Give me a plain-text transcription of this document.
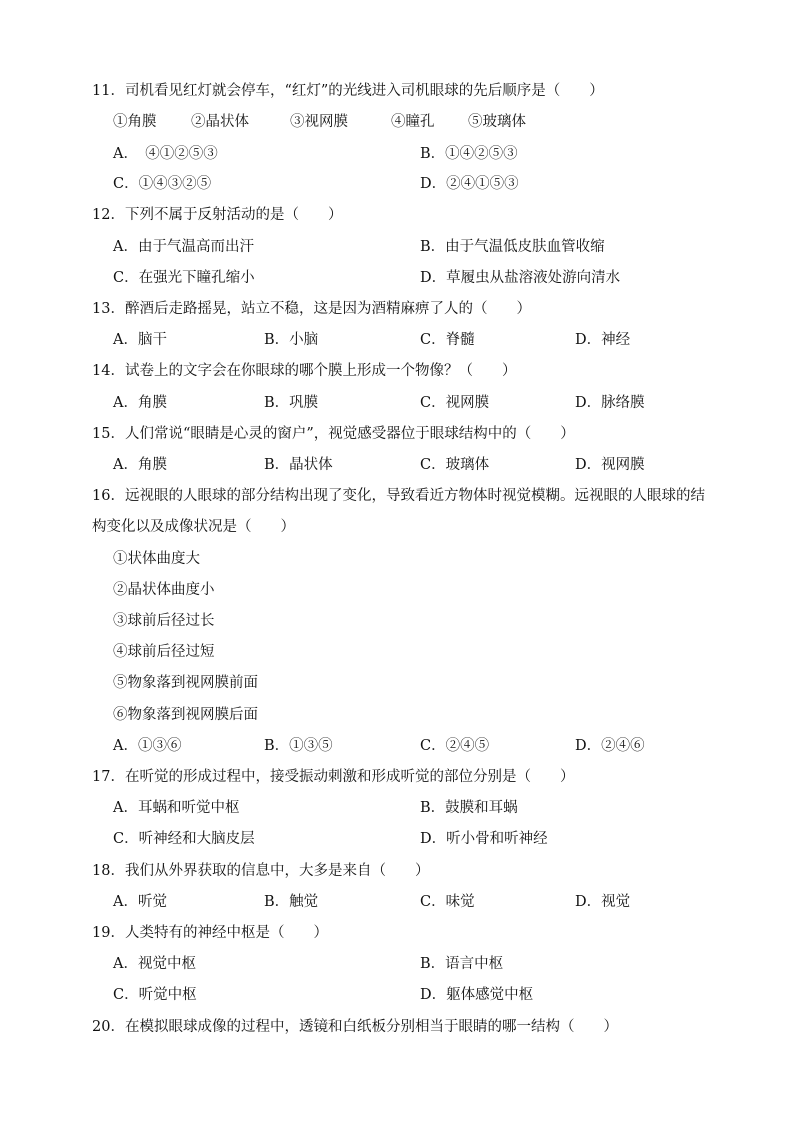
11．司机看见红灯就会停车，“红灯”的光线进入司机眼球的先后顺序是（　　）
①角膜 ②晶状体	③视网膜	④瞳孔 ⑤玻璃体
A．　④①②⑤③	B．①④②⑤③
C．①④③②⑤	D．②④①⑤③
12．下列不属于反射活动的是（　　）
A．由于气温高而出汗	B．由于气温低皮肤血管收缩
C．在强光下瞳孔缩小	D．草履虫从盐溶液处游向清水
13．醉酒后走路摇晃，站立不稳，这是因为酒精麻痹了人的（　　）
A．脑干	B．小脑	C．脊髓	D．神经
14．试卷上的文字会在你眼球的哪个膜上形成一个物像？（　　）
A．角膜	B．巩膜	C．视网膜	D．脉络膜
15．人们常说“眼睛是心灵的窗户”，视觉感受器位于眼球结构中的（　　）
A．角膜	B．晶状体	C．玻璃体	D．视网膜
16．远视眼的人眼球的部分结构出现了变化，导致看近方物体时视觉模糊。远视眼的人眼球的结
构变化以及成像状况是（　　）
①状体曲度大
②晶状体曲度小
③球前后径过长
④球前后径过短
⑤物象落到视网膜前面
⑥物象落到视网膜后面
A．①③⑥	B．①③⑤	C．②④⑤	D．②④⑥
17．在听觉的形成过程中，接受振动刺激和形成听觉的部位分别是（　　）
A．耳蜗和听觉中枢	B．鼓膜和耳蜗
C．听神经和大脑皮层	D．听小骨和听神经
18．我们从外界获取的信息中，大多是来自（　　）
A．听觉	B．触觉	C．味觉	D．视觉
19．人类特有的神经中枢是（　　）
A．视觉中枢	B．语言中枢
C．听觉中枢	D．躯体感觉中枢
20．在模拟眼球成像的过程中，透镜和白纸板分别相当于眼睛的哪一结构（　　）
